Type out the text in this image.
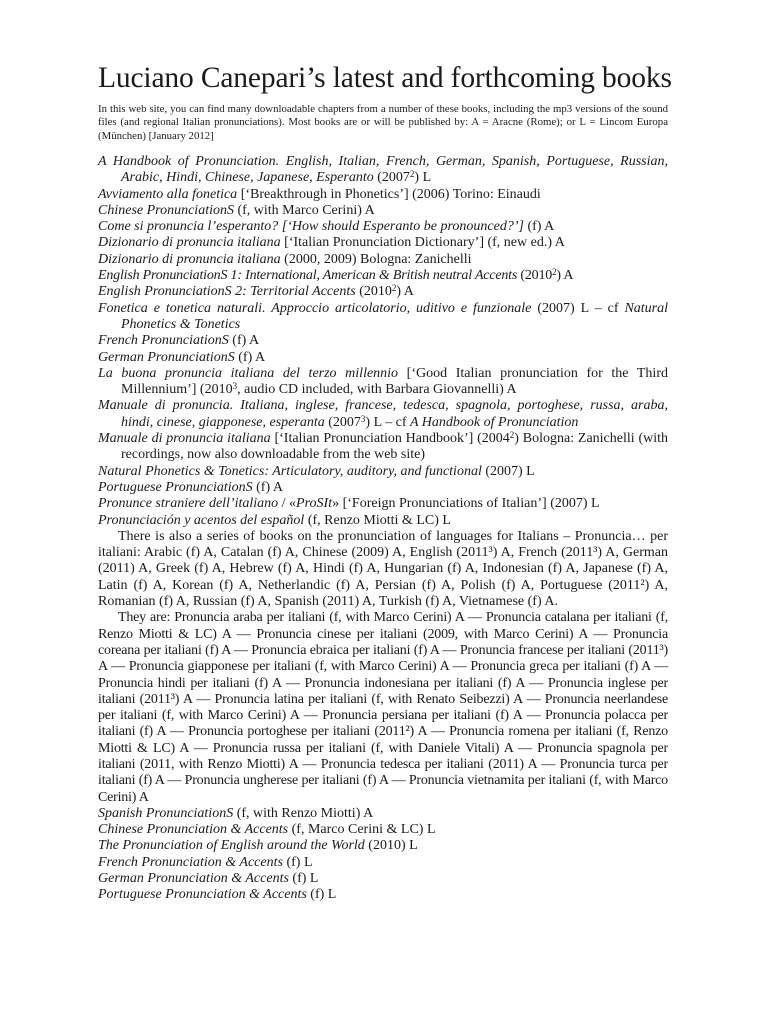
Luciano Canepari’s latest and forthcoming books

In this web site, you can find many downloadable chapters from a number of these books, including the mp3 versions of the sound files (and regional Italian pronunciations). Most books are or will be published by: A = Aracne (Rome); or L = Lincom Europa (München) [January 2012]

A Handbook of Pronunciation. English, Italian, French, German, Spanish, Portuguese, Russian, Arabic, Hindi, Chinese, Japanese, Esperanto (2007$^2$) L

Avviamento alla fonetica [‘Breakthrough in Phonetics’] (2006) Torino: Einaudi

Chinese PronunciationS (f, with Marco Cerini) A

Come si pronuncia l’esperanto? [‘How should Esperanto be pronounced?’] (f) A

Dizionario di pronuncia italiana [‘Italian Pronunciation Dictionary’] (f, new ed.) A

Dizionario di pronuncia italiana (2000, 2009) Bologna: Zanichelli

English PronunciationS 1: International, American & British neutral Accents (2010$^2$) A

English PronunciationS 2: Territorial Accents (2010$^2$) A

Fonetica e tonetica naturali. Approccio articolatorio, uditivo e funzionale (2007) L – cf Natural Phonetics & Tonetics

French PronunciationS (f) A

German PronunciationS (f) A

La buona pronuncia italiana del terzo millennio [‘Good Italian pronunciation for the Third Millennium’] (2010$^3$, audio CD included, with Barbara Giovannelli) A

Manuale di pronuncia. Italiana, inglese, francese, tedesca, spagnola, portoghese, russa, araba, hindi, cinese, giapponese, esperanta (2007$^3$) L – cf A Handbook of Pronunciation

Manuale di pronuncia italiana [‘Italian Pronunciation Handbook’] (2004$^2$) Bologna: Zanichelli (with recordings, now also downloadable from the web site)

Natural Phonetics & Tonetics: Articulatory, auditory, and functional (2007) L

Portuguese PronunciationS (f) A

Pronunce straniere dell’italiano / «ProSIt» [‘Foreign Pronunciations of Italian’] (2007) L

Pronunciación y acentos del español (f, Renzo Miotti & LC) L

There is also a series of books on the pronunciation of languages for Italians – Pronuncia… per italiani: Arabic (f) A, Catalan (f) A, Chinese (2009) A, English (2011³) A, French (2011³) A, German (2011) A, Greek (f) A, Hebrew (f) A, Hindi (f) A, Hungarian (f) A, Indonesian (f) A, Japanese (f) A, Latin (f) A, Korean (f) A, Netherlandic (f) A, Persian (f) A, Polish (f) A, Portuguese (2011²) A, Romanian (f) A, Russian (f) A, Spanish (2011) A, Turkish (f) A, Vietnamese (f) A.

They are: Pronuncia araba per italiani (f, with Marco Cerini) A — Pronuncia catalana per italiani (f, Renzo Miotti & LC) A — Pronuncia cinese per italiani (2009, with Marco Cerini) A — Pronuncia coreana per italiani (f) A — Pronuncia ebraica per italiani (f) A — Pronuncia francese per italiani (2011³) A — Pronuncia giapponese per italiani (f, with Marco Cerini) A — Pronuncia greca per italiani (f) A — Pronuncia hindi per italiani (f) A — Pronuncia indonesiana per italiani (f) A — Pronuncia inglese per italiani (2011³) A — Pronuncia latina per italiani (f, with Renato Seibezzi) A — Pronuncia neerlandese per italiani (f, with Marco Cerini) A — Pronuncia persiana per italiani (f) A — Pronuncia polacca per italiani (f) A — Pronuncia portoghese per italiani (2011²) A — Pronuncia romena per italiani (f, Renzo Miotti & LC) A — Pronuncia russa per italiani (f, with Daniele Vitali) A — Pronuncia spagnola per italiani (2011, with Renzo Miotti) A — Pronuncia tedesca per italiani (2011) A — Pronuncia turca per italiani (f) A — Pronuncia ungherese per italiani (f) A — Pronuncia vietnamita per italiani (f, with Marco Cerini) A

Spanish PronunciationS (f, with Renzo Miotti) A

Chinese Pronunciation & Accents (f, Marco Cerini & LC) L

The Pronunciation of English around the World (2010) L

French Pronunciation & Accents (f) L

German Pronunciation & Accents (f) L

Portuguese Pronunciation & Accents (f) L
